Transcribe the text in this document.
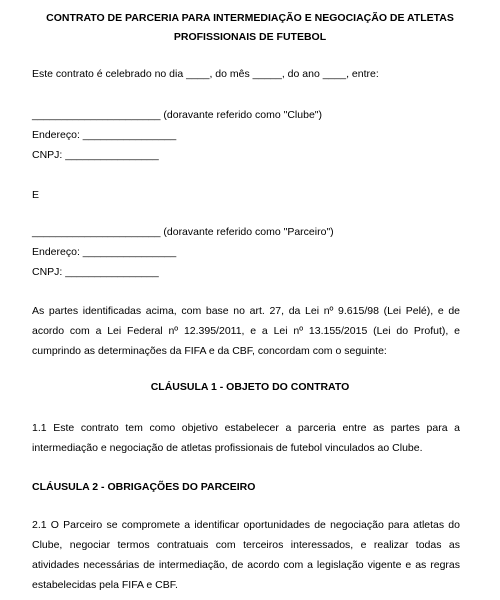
CONTRATO DE PARCERIA PARA INTERMEDIAÇÃO E NEGOCIAÇÃO DE ATLETAS
PROFISSIONAIS DE FUTEBOL
Este contrato é celebrado no dia ____, do mês _____, do ano ____, entre:
______________________ (doravante referido como "Clube")
Endereço: ________________
CNPJ: ________________
E
______________________ (doravante referido como "Parceiro")
Endereço: ________________
CNPJ: ________________
As partes identificadas acima, com base no art. 27, da Lei nº 9.615/98 (Lei Pelé), e de acordo com a Lei Federal nº 12.395/2011, e a Lei nº 13.155/2015 (Lei do Profut), e cumprindo as determinações da FIFA e da CBF, concordam com o seguinte:
CLÁUSULA 1 - OBJETO DO CONTRATO
1.1 Este contrato tem como objetivo estabelecer a parceria entre as partes para a intermediação e negociação de atletas profissionais de futebol vinculados ao Clube.
CLÁUSULA 2 - OBRIGAÇÕES DO PARCEIRO
2.1 O Parceiro se compromete a identificar oportunidades de negociação para atletas do Clube, negociar termos contratuais com terceiros interessados, e realizar todas as atividades necessárias de intermediação, de acordo com a legislação vigente e as regras estabelecidas pela FIFA e CBF.
